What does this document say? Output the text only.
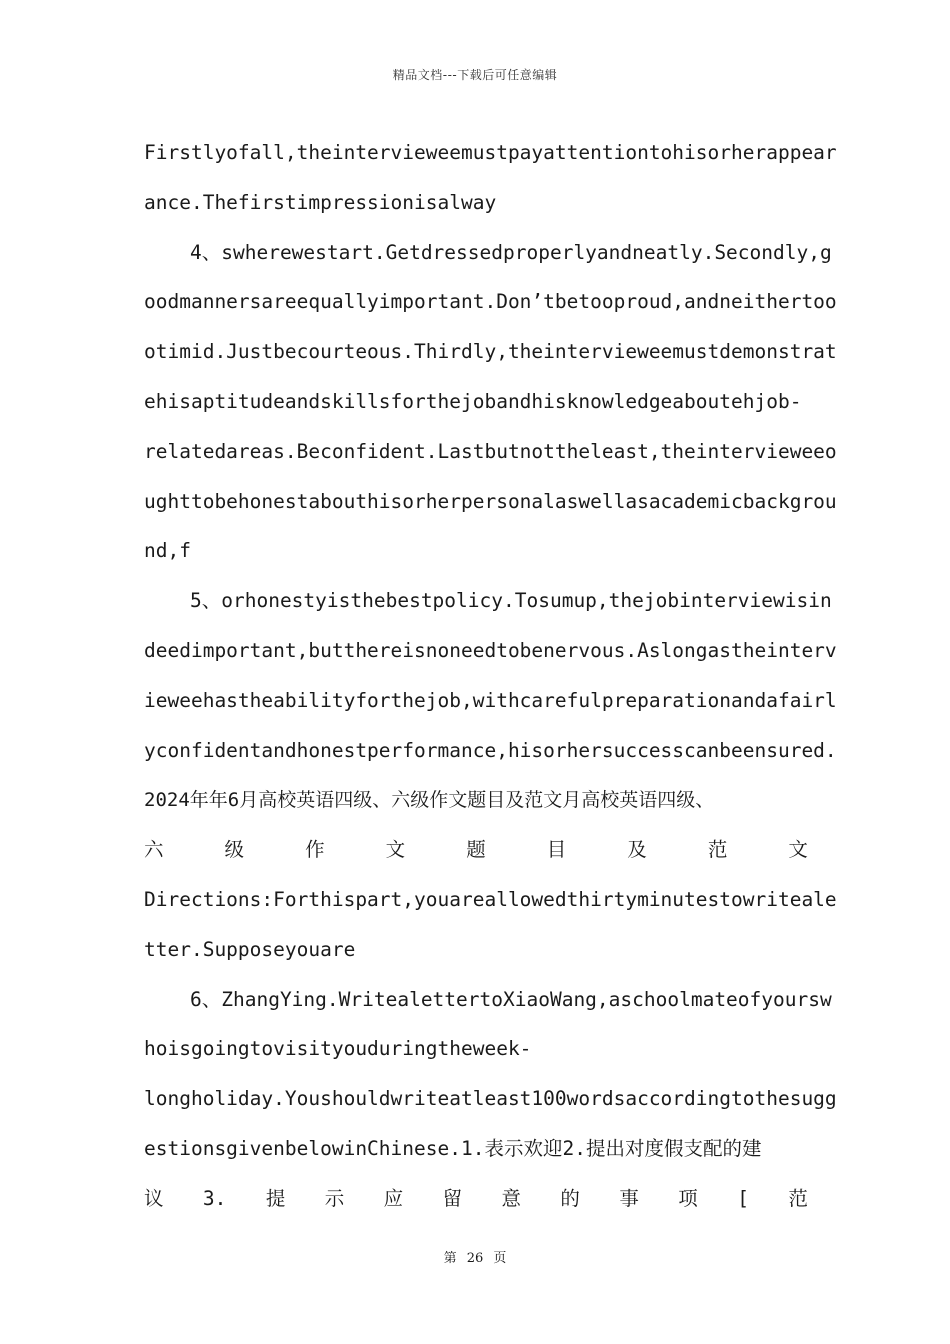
精品文档---下载后可任意编辑
Firstlyofall,theintervieweemustpayattentiontohisorherappear
ance.Thefirstimpressionisalway
4、swherewestart.Getdressedproperlyandneatly.Secondly,g
oodmannersareequallyimportant.Don’tbetooproud,andneithertoo
otimid.Justbecourteous.Thirdly,theintervieweemustdemonstrat
ehisaptitudeandskillsforthejobandhisknowledgeaboutehjob-
relatedareas.Beconfident.Lastbutnottheleast,theintervieweeo
ughttobehonestabouthisorherpersonalaswellasacademicbackgrou
nd,f
5、orhonestyisthebestpolicy.Tosumup,thejobinterviewisin
deedimportant,butthereisnoneedtobenervous.Aslongastheinterv
ieweehastheabilityforthejob,withcarefulpreparationandafairl
yconfidentandhonestperformance,hisorhersuccesscanbeensured.
2024年年6月高校英语四级、六级作文题目及范文月高校英语四级、
六	级	作	文	题	目	及	范	文
Directions:Forthispart,youareallowedthirtyminutestowriteale
tter.Supposeyouare
6、ZhangYing.WritealettertoXiaoWang,aschoolmateofyoursw
hoisgoingtovisityouduringtheweek-
longholiday.Youshouldwriteatleast100wordsaccordingtothesugg
estionsgivenbelowinChinese.1.表示欢迎2.提出对度假支配的建
议 3. 提 示 应 留 意 的 事 项 [ 范
第 26 页
